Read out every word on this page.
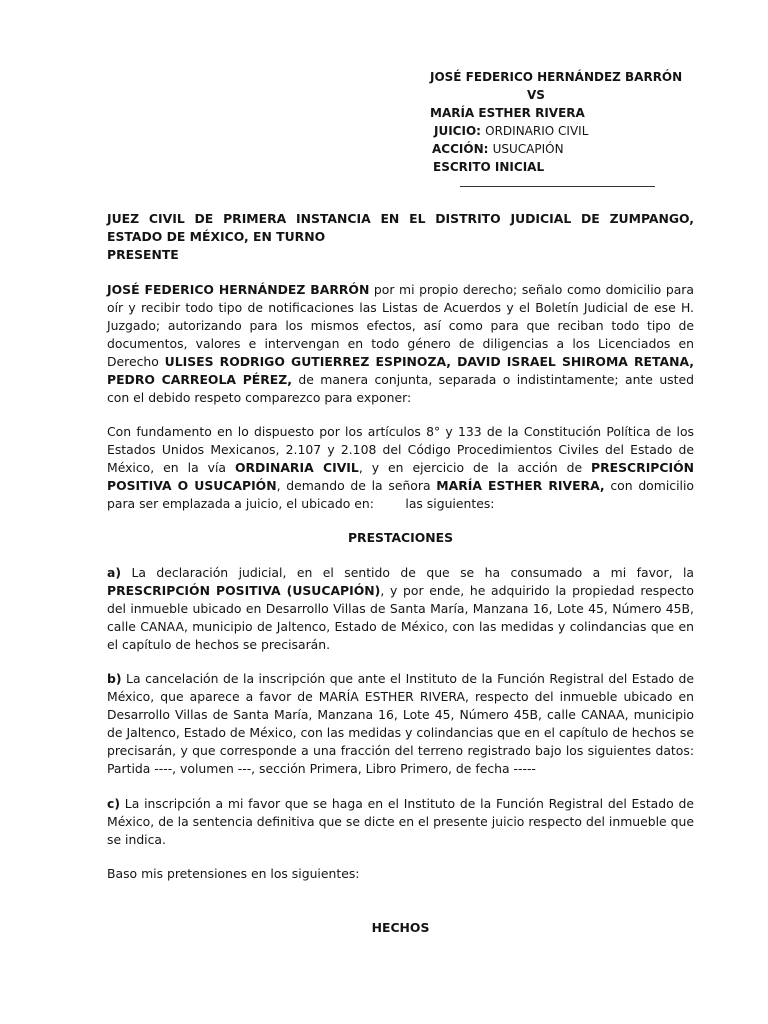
JOSÉ FEDERICO HERNÁNDEZ BARRÓN
VS
MARÍA ESTHER RIVERA
JUICIO: ORDINARIO CIVIL
ACCIÓN: USUCAPIÓN
ESCRITO INICIAL

JUEZ CIVIL DE PRIMERA INSTANCIA EN EL DISTRITO JUDICIAL DE ZUMPANGO, ESTADO DE MÉXICO, EN TURNO

PRESENTE

JOSÉ FEDERICO HERNÁNDEZ BARRÓN por mi propio derecho; señalo como domicilio para oír y recibir todo tipo de notificaciones las Listas de Acuerdos y el Boletín Judicial de ese H. Juzgado; autorizando para los mismos efectos, así como para que reciban todo tipo de documentos, valores e intervengan en todo género de diligencias a los Licenciados en Derecho ULISES RODRIGO GUTIERREZ ESPINOZA, DAVID ISRAEL SHIROMA RETANA, PEDRO CARREOLA PÉREZ, de manera conjunta, separada o indistintamente; ante usted con el debido respeto comparezco para exponer:

Con fundamento en lo dispuesto por los artículos 8° y 133 de la Constitución Política de los Estados Unidos Mexicanos, 2.107 y 2.108 del Código Procedimientos Civiles del Estado de México, en la vía ORDINARIA CIVIL, y en ejercicio de la acción de PRESCRIPCIÓN POSITIVA O USUCAPIÓN, demando de la señora MARÍA ESTHER RIVERA, con domicilio para ser emplazada a juicio, el ubicado en:        las siguientes:

PRESTACIONES

a) La declaración judicial, en el sentido de que se ha consumado a mi favor, la PRESCRIPCIÓN POSITIVA (USUCAPIÓN), y por ende, he adquirido la propiedad respecto del inmueble ubicado en Desarrollo Villas de Santa María, Manzana 16, Lote 45, Número 45B, calle CANAA, municipio de Jaltenco, Estado de México, con las medidas y colindancias que en el capítulo de hechos se precisarán.

b) La cancelación de la inscripción que ante el Instituto de la Función Registral del Estado de México, que aparece a favor de MARÍA ESTHER RIVERA, respecto del inmueble ubicado en Desarrollo Villas de Santa María, Manzana 16, Lote 45, Número 45B, calle CANAA, municipio de Jaltenco, Estado de México, con las medidas y colindancias que en el capítulo de hechos se precisarán, y que corresponde a una fracción del terreno registrado bajo los siguientes datos: Partida ----, volumen ---, sección Primera, Libro Primero, de fecha -----

c) La inscripción a mi favor que se haga en el Instituto de la Función Registral del Estado de México, de la sentencia definitiva que se dicte en el presente juicio respecto del inmueble que se indica.

Baso mis pretensiones en los siguientes:
HECHOS
